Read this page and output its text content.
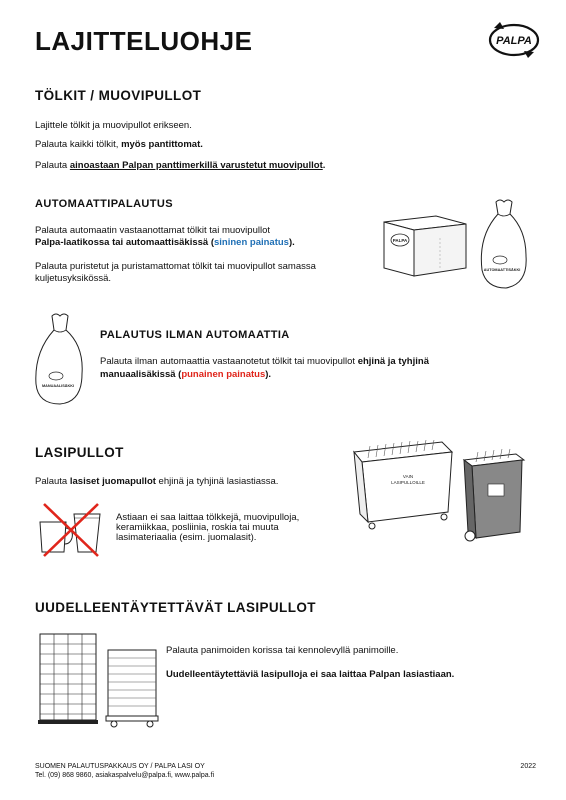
LAJITTELUOHJE	PALPA
TÖLKIT / MUOVIPULLOT
Lajittele tölkit ja muovipullot erikseen.
Palauta kaikki tölkit, myös pantittomat.
Palauta ainoastaan Palpan panttimerkillä varustetut muovipullot.
AUTOMAATTIPALAUTUS
Palauta automaatin vastaanottamat tölkit tai muovipullot
Palpa-laatikossa tai automaattisäkissä (sininen painatus).
Palauta puristetut ja puristamattomat tölkit tai muovipullot samassa
kuljetusyksikössä.
PALPA
AUTOMAATTISÄKKI
MANUAALISÄKKI
PALAUTUS ILMAN AUTOMAATTIA
Palauta ilman automaattia vastaanotetut tölkit tai muovipullot ehjinä ja tyhjinä
manuaalisäkissä (punainen painatus).
LASIPULLOT
Palauta lasiset juomapullot ehjinä ja tyhjinä lasiastiassa.
Astiaan ei saa laittaa tölkkejä, muovipulloja,
keramiikkaa, posliinia, roskia tai muuta
lasimateriaalia (esim. juomalasit).
VAIN
LASIPULLOILLE
UUDELLEENTÄYTETTÄVÄT LASIPULLOT
Palauta panimoiden korissa tai kennolevyllä panimoille.
Uudelleentäytettäviä lasipulloja ei saa laittaa Palpan lasiastiaan.
SUOMEN PALAUTUSPAKKAUS OY / PALPA LASI OY
Tel. (09) 868 9860, asiakaspalvelu@palpa.fi, www.palpa.fi
2022
